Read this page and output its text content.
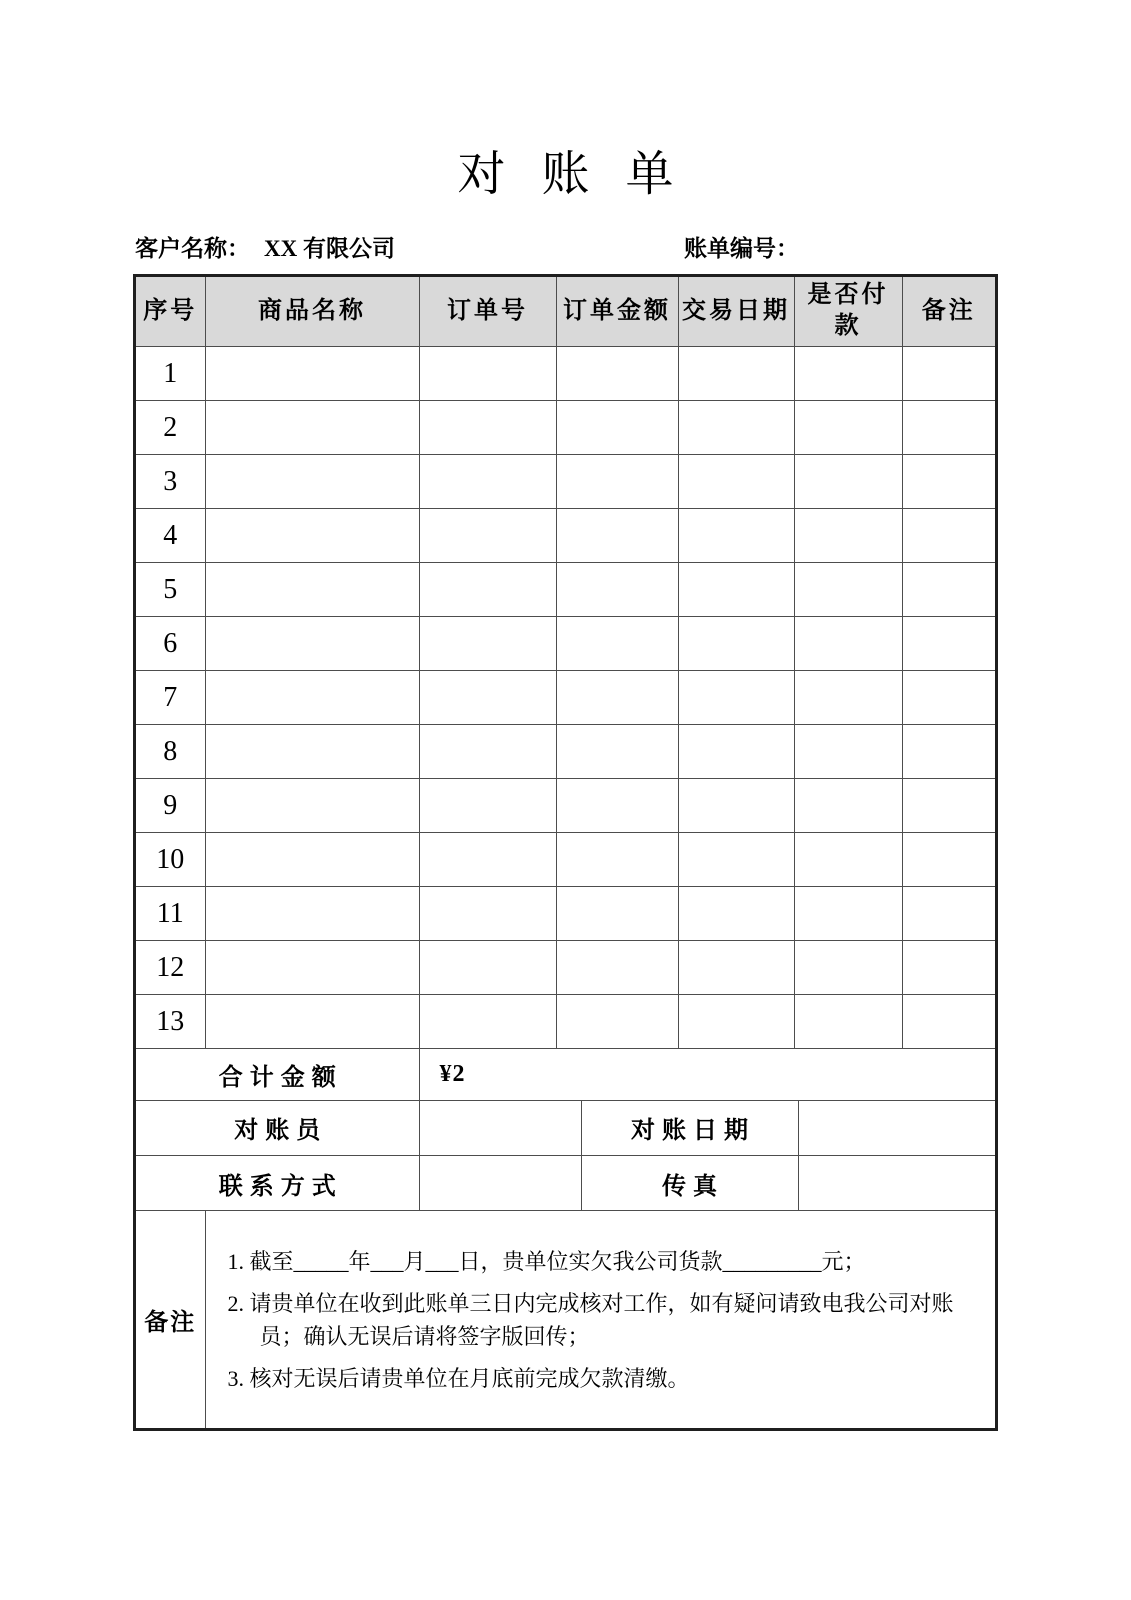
对 账 单
客户名称： XX 有限公司	账单编号：
序号	商品名称	订单号	订单金额	交易日期	是否付款	备注
1						
2						
3						
4						
5						
6						
7						
8						
9						
10						
11						
12						
13						
合计金额	¥2
对账员		对账日期	
联系方式		传真	
备注	
1. 截至_____年___月___日，贵单位实欠我公司货款_________元；
2. 请贵单位在收到此账单三日内完成核对工作，如有疑问请致电我公司对账员；确认无误后请将签字版回传；
3. 核对无误后请贵单位在月底前完成欠款清缴。
